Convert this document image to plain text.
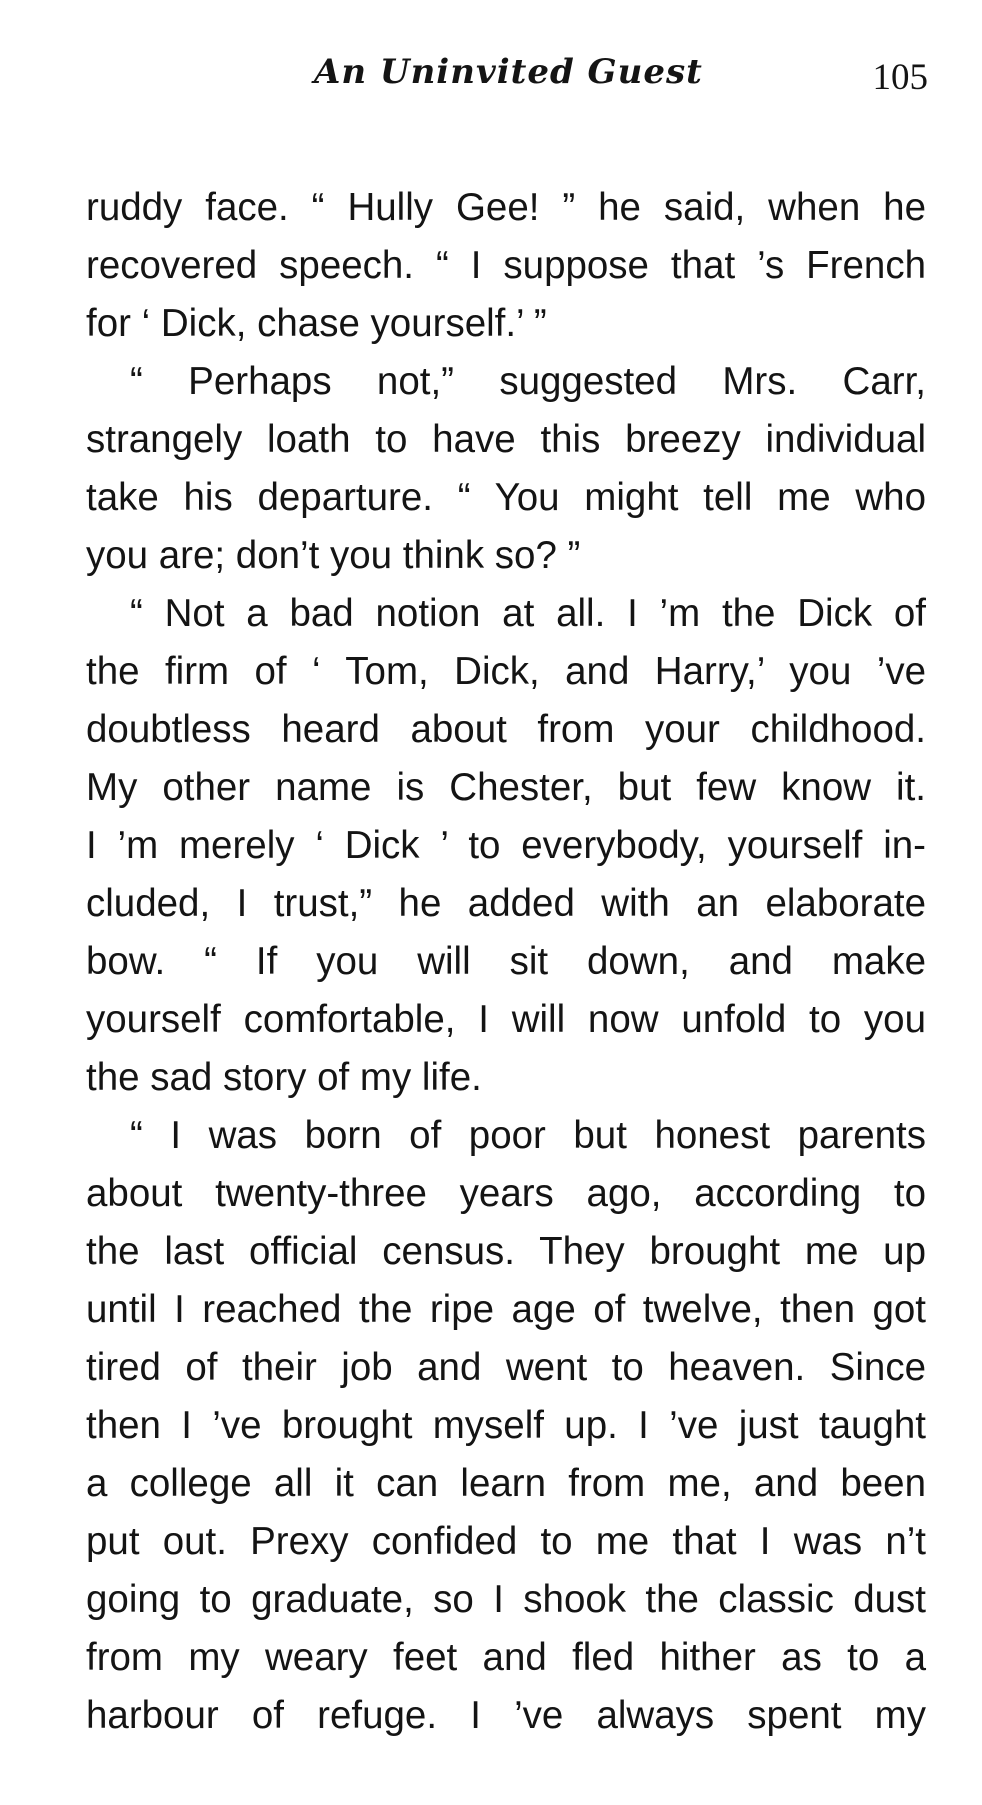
An Uninvited Guest	105
ruddy face. “ Hully Gee! ” he said, when he
recovered speech. “ I suppose that ’s French
for ‘ Dick, chase yourself.’ ”
“ Perhaps not,” suggested Mrs. Carr,
strangely loath to have this breezy individual
take his departure. “ You might tell me who
you are; don’t you think so? ”
“ Not a bad notion at all. I ’m the Dick of
the firm of ‘ Tom, Dick, and Harry,’ you ’ve
doubtless heard about from your childhood.
My other name is Chester, but few know it.
I ’m merely ‘ Dick ’ to everybody, yourself in-
cluded, I trust,” he added with an elaborate
bow. “ If you will sit down, and make
yourself comfortable, I will now unfold to you
the sad story of my life.
“ I was born of poor but honest parents
about twenty-three years ago, according to
the last official census. They brought me up
until I reached the ripe age of twelve, then got
tired of their job and went to heaven. Since
then I ’ve brought myself up. I ’ve just taught
a college all it can learn from me, and been
put out. Prexy confided to me that I was n’t
going to graduate, so I shook the classic dust
from my weary feet and fled hither as to a
harbour of refuge. I ’ve always spent my
